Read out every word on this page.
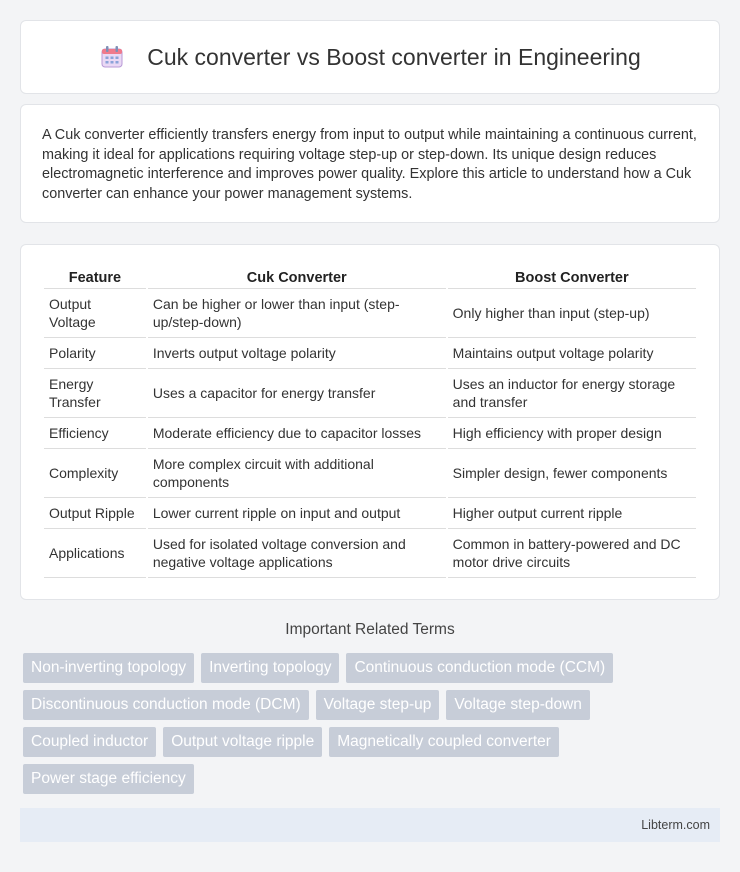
Cuk converter vs Boost converter in Engineering

A Cuk converter efficiently transfers energy from input to output while maintaining a continuous current, making it ideal for applications requiring voltage step-up or step-down. Its unique design reduces electromagnetic interference and improves power quality. Explore this article to understand how a Cuk converter can enhance your power management systems.

Feature	Cuk Converter	Boost Converter
Output Voltage	Can be higher or lower than input (step-up/step-down)	Only higher than input (step-up)
Polarity	Inverts output voltage polarity	Maintains output voltage polarity
Energy Transfer	Uses a capacitor for energy transfer	Uses an inductor for energy storage and transfer
Efficiency	Moderate efficiency due to capacitor losses	High efficiency with proper design
Complexity	More complex circuit with additional components	Simpler design, fewer components
Output Ripple	Lower current ripple on input and output	Higher output current ripple
Applications	Used for isolated voltage conversion and negative voltage applications	Common in battery-powered and DC motor drive circuits
Important Related Terms
Non-inverting topology	Inverting topology	Continuous conduction mode (CCM)
Discontinuous conduction mode (DCM)	Voltage step-up	Voltage step-down
Coupled inductor	Output voltage ripple	Magnetically coupled converter
Power stage efficiency
Libterm.com
